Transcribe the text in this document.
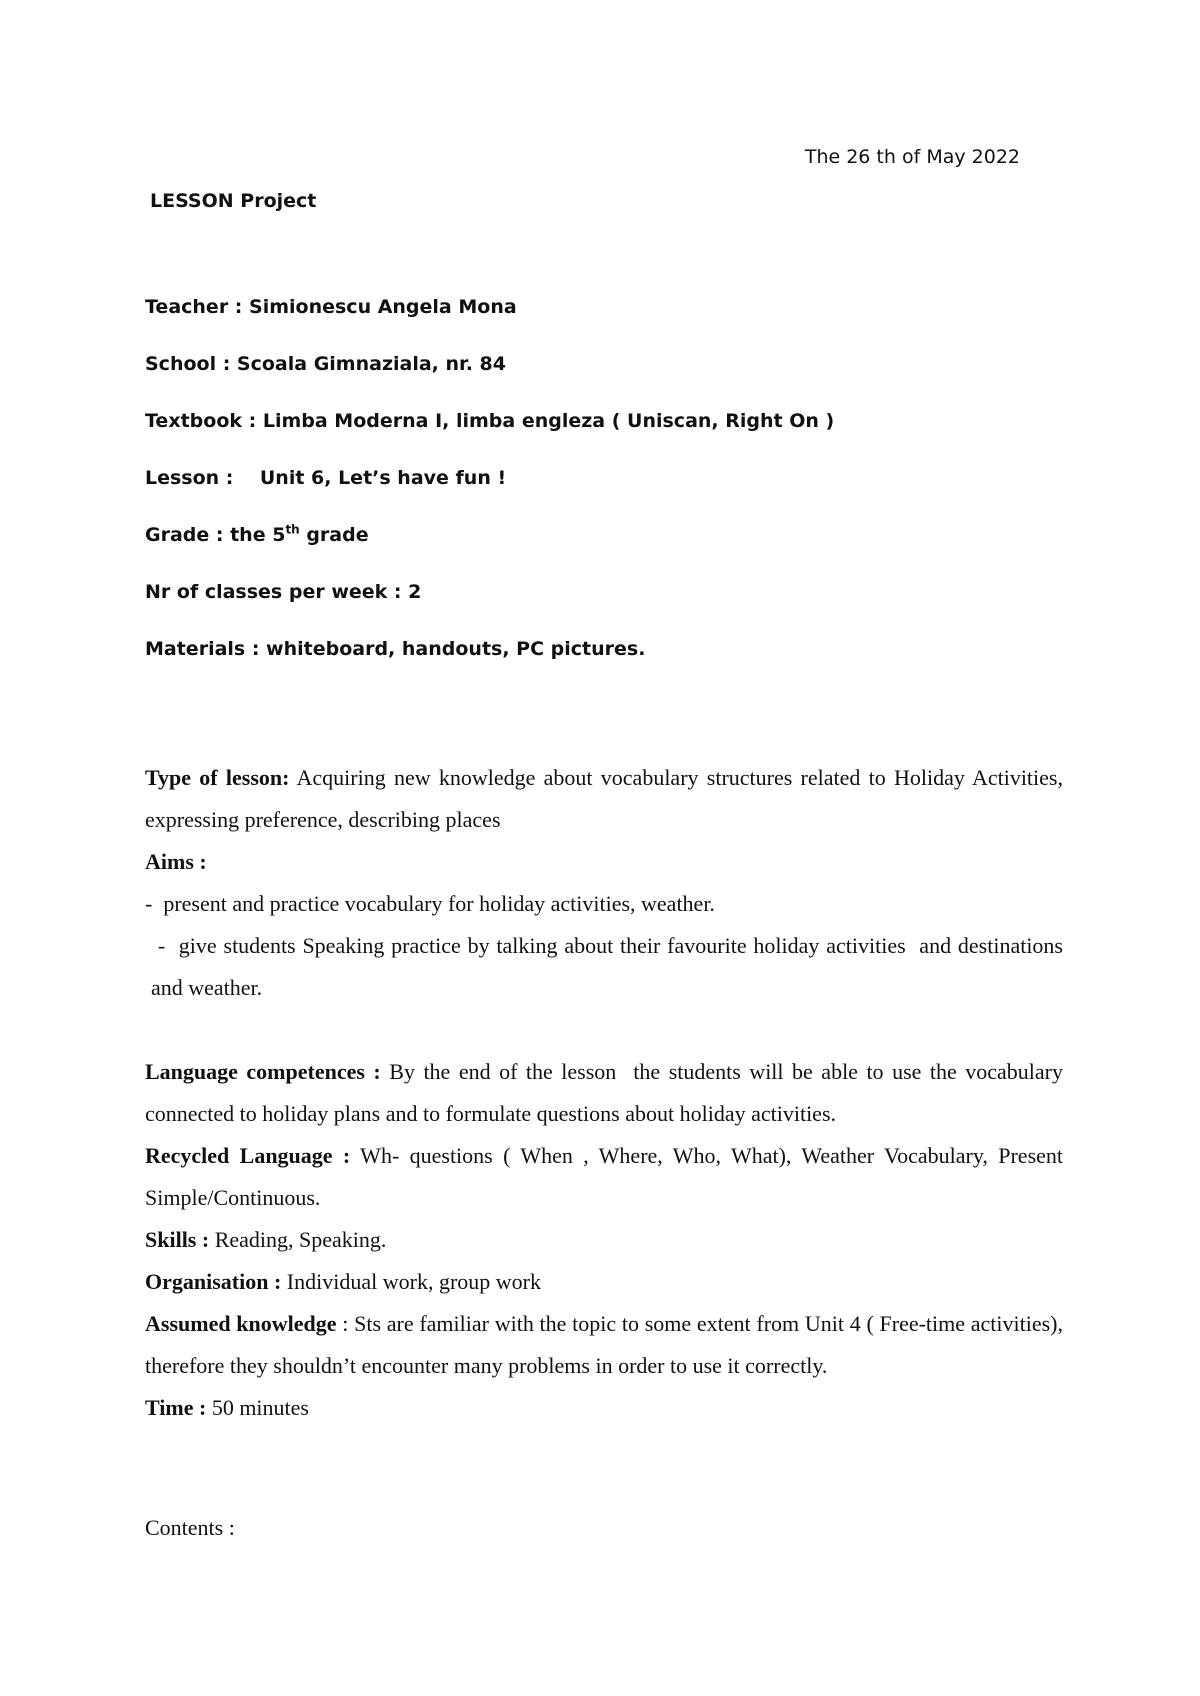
The 26 th of May 2022
LESSON Project
Teacher : Simionescu Angela Mona
School : Scoala Gimnaziala, nr. 84
Textbook : Limba Moderna I, limba engleza ( Uniscan, Right On )
Lesson :    Unit 6, Let’s have fun !
Grade : the 5th grade
Nr of classes per week : 2
Materials : whiteboard, handouts, PC pictures.

Type of lesson: Acquiring new knowledge about vocabulary structures related to Holiday Activities, expressing preference, describing places

Aims :

-  present and practice vocabulary for holiday activities, weather.

-  give students Speaking practice by talking about their favourite holiday activities  and destinations and weather.

Language competences : By the end of the lesson  the students will be able to use the vocabulary connected to holiday plans and to formulate questions about holiday activities.

Recycled Language : Wh- questions ( When , Where, Who, What), Weather Vocabulary, Present Simple/Continuous.

Skills : Reading, Speaking.

Organisation : Individual work, group work

Assumed knowledge : Sts are familiar with the topic to some extent from Unit 4 ( Free-time activities), therefore they shouldn’t encounter many problems in order to use it correctly.

Time : 50 minutes

Contents :
